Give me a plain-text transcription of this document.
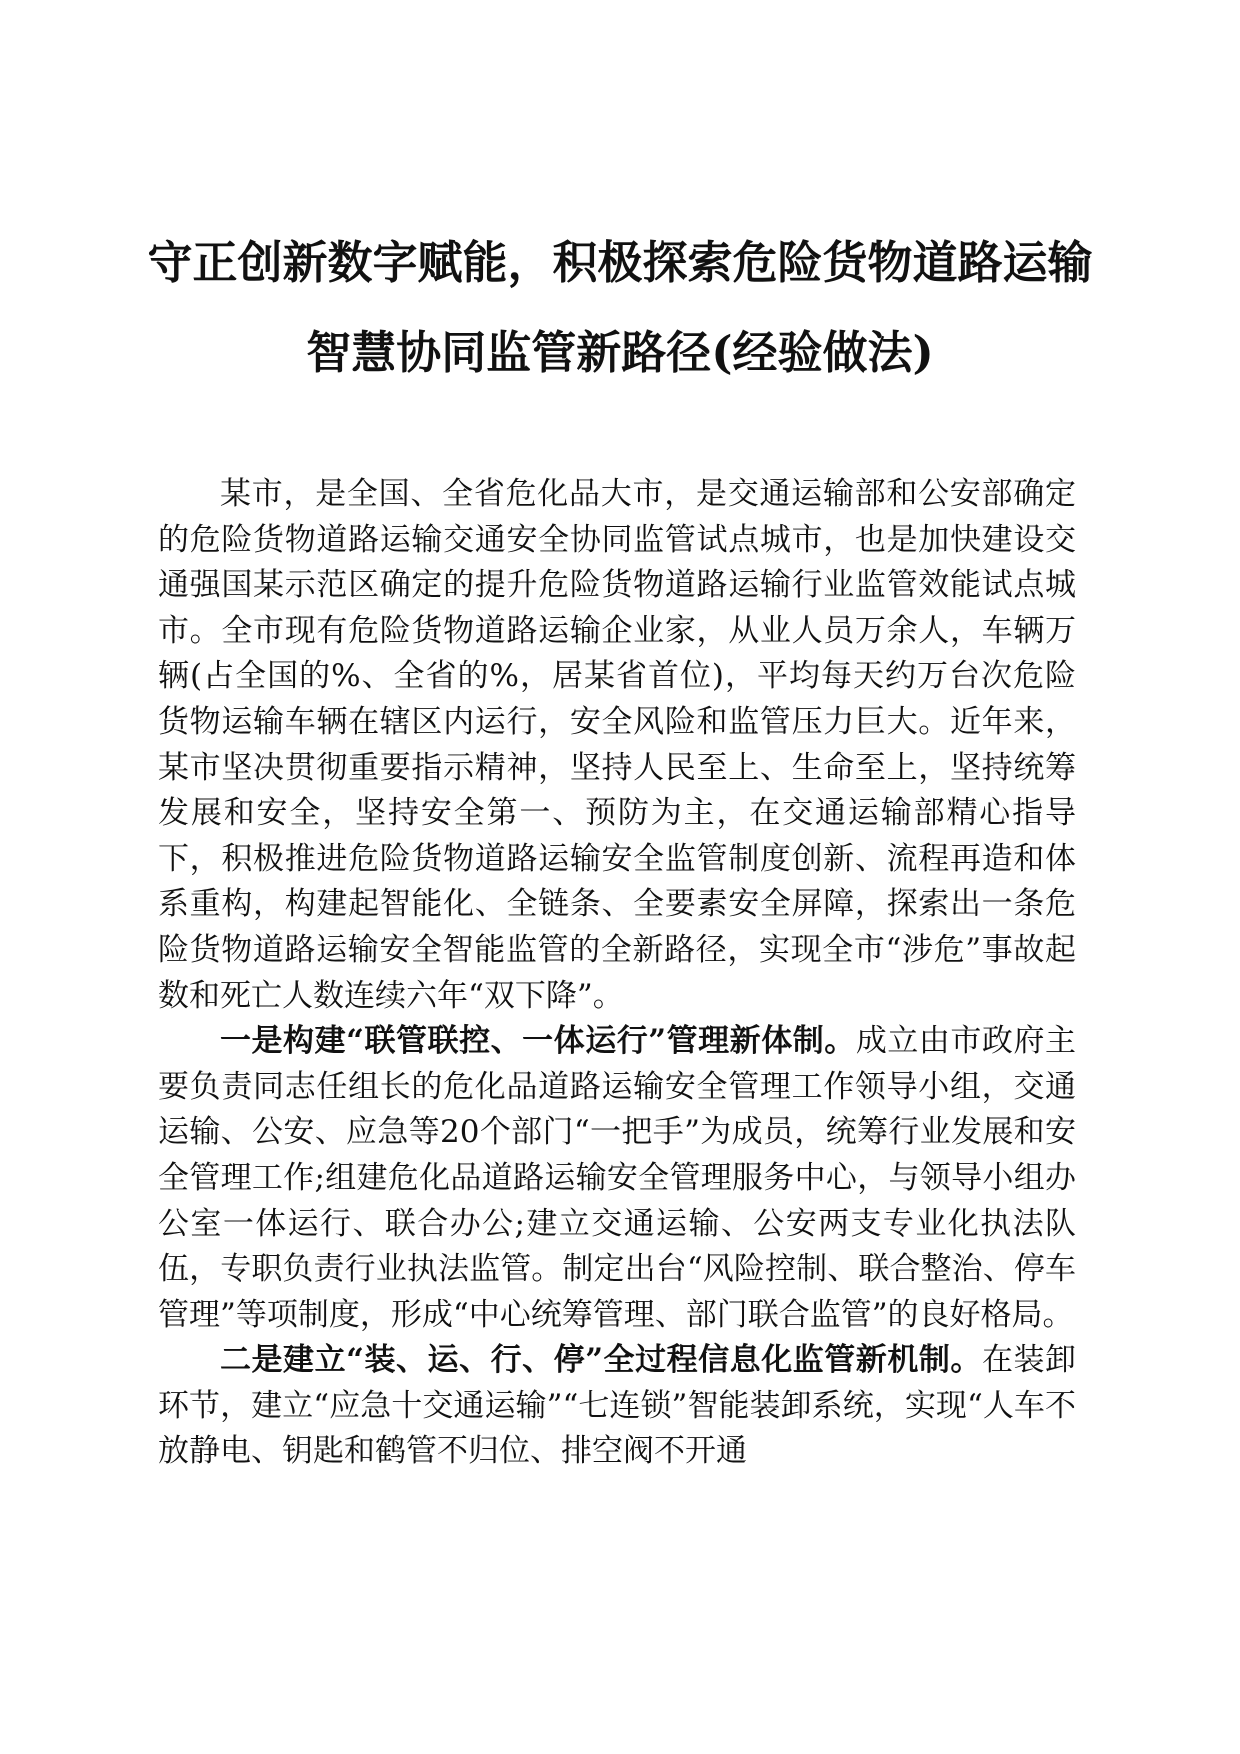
守正创新数字赋能，积极探索危险货物道路运输智慧协同监管新路径(经验做法)

某市，是全国、全省危化品大市，是交通运输部和公安部确定的危险货物道路运输交通安全协同监管试点城市，也是加快建设交通强国某示范区确定的提升危险货物道路运输行业监管效能试点城市。全市现有危险货物道路运输企业家，从业人员万余人，车辆万辆(占全国的%、全省的%，居某省首位)，平均每天约万台次危险货物运输车辆在辖区内运行，安全风险和监管压力巨大。近年来，某市坚决贯彻重要指示精神，坚持人民至上、生命至上，坚持统筹发展和安全，坚持安全第一、预防为主，在交通运输部精心指导下，积极推进危险货物道路运输安全监管制度创新、流程再造和体系重构，构建起智能化、全链条、全要素安全屏障，探索出一条危险货物道路运输安全智能监管的全新路径，实现全市“涉危”事故起数和死亡人数连续六年“双下降”。

一是构建“联管联控、一体运行”管理新体制。成立由市政府主要负责同志任组长的危化品道路运输安全管理工作领导小组，交通运输、公安、应急等20个部门“一把手”为成员，统筹行业发展和安全管理工作;组建危化品道路运输安全管理服务中心，与领导小组办公室一体运行、联合办公;建立交通运输、公安两支专业化执法队伍，专职负责行业执法监管。制定出台“风险控制、联合整治、停车管理”等项制度，形成“中心统筹管理、部门联合监管”的良好格局。

二是建立“装、运、行、停”全过程信息化监管新机制。在装卸环节，建立“应急十交通运输”“七连锁”智能装卸系统，实现“人车不放静电、钥匙和鹤管不归位、排空阀不开通
